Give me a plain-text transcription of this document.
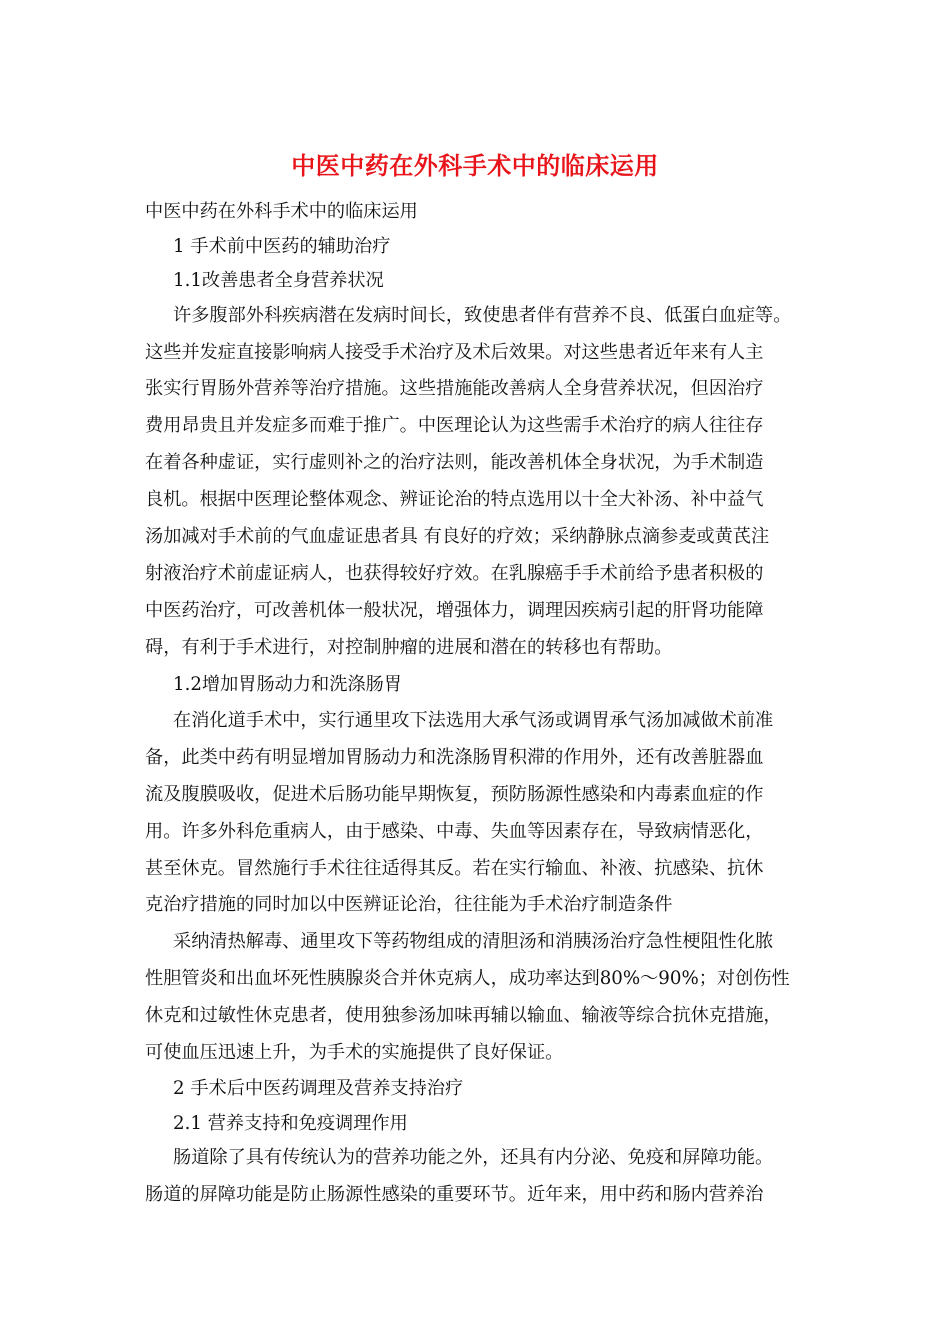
中医中药在外科手术中的临床运用
中医中药在外科手术中的临床运用
1 手术前中医药的辅助治疗
1.1改善患者全身营养状况
许多腹部外科疾病潜在发病时间长，致使患者伴有营养不良、低蛋白血症等。
这些并发症直接影响病人接受手术治疗及术后效果。对这些患者近年来有人主
张实行胃肠外营养等治疗措施。这些措施能改善病人全身营养状况，但因治疗
费用昂贵且并发症多而难于推广。中医理论认为这些需手术治疗的病人往往存
在着各种虚证，实行虚则补之的治疗法则，能改善机体全身状况，为手术制造
良机。根据中医理论整体观念、辨证论治的特点选用以十全大补汤、补中益气
汤加减对手术前的气血虚证患者具 有良好的疗效；采纳静脉点滴参麦或黄芪注
射液治疗术前虚证病人，也获得较好疗效。在乳腺癌手手术前给予患者积极的
中医药治疗，可改善机体一般状况，增强体力，调理因疾病引起的肝肾功能障
碍，有利于手术进行，对控制肿瘤的进展和潜在的转移也有帮助。
1.2增加胃肠动力和洗涤肠胃
在消化道手术中，实行通里攻下法选用大承气汤或调胃承气汤加减做术前准
备，此类中药有明显增加胃肠动力和洗涤肠胃积滞的作用外，还有改善脏器血
流及腹膜吸收，促进术后肠功能早期恢复，预防肠源性感染和内毒素血症的作
用。许多外科危重病人，由于感染、中毒、失血等因素存在，导致病情恶化，
甚至休克。冒然施行手术往往适得其反。若在实行输血、补液、抗感染、抗休
克治疗措施的同时加以中医辨证论治，往往能为手术治疗制造条件
采纳清热解毒、通里攻下等药物组成的清胆汤和消胰汤治疗急性梗阻性化脓
性胆管炎和出血坏死性胰腺炎合并休克病人，成功率达到80%～90%；对创伤性
休克和过敏性休克患者，使用独参汤加味再辅以输血、输液等综合抗休克措施，
可使血压迅速上升，为手术的实施提供了良好保证。
2 手术后中医药调理及营养支持治疗
2.1 营养支持和免疫调理作用
肠道除了具有传统认为的营养功能之外，还具有内分泌、免疫和屏障功能。
肠道的屏障功能是防止肠源性感染的重要环节。近年来，用中药和肠内营养治
